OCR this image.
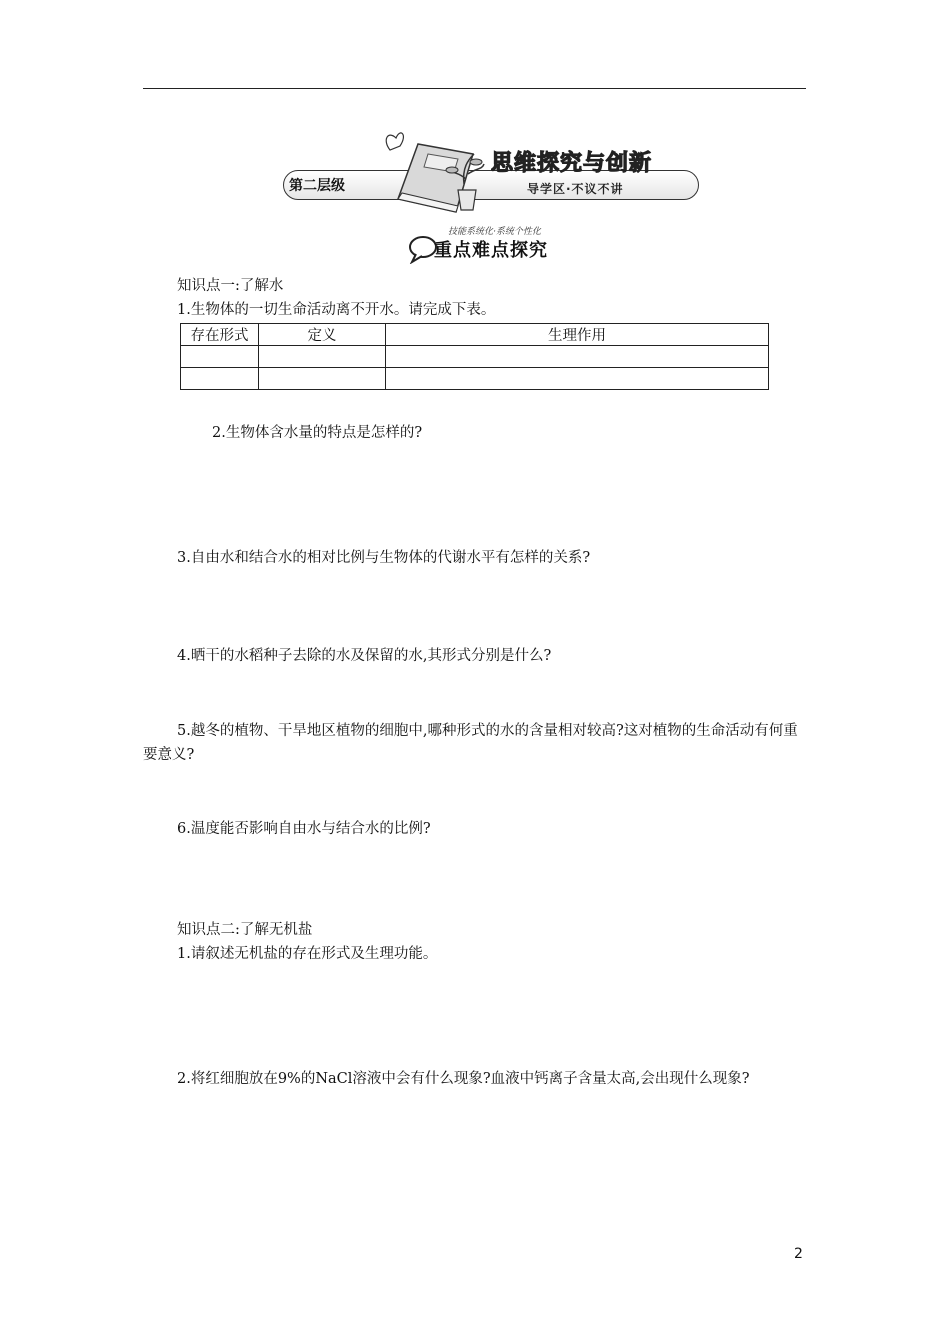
第二层级
思维探究与创新
导学区·不议不讲
技能系统化·系统个性化
重点难点探究
知识点一:了解水
1.生物体的一切生命活动离不开水。请完成下表。
存在形式	定义	生理作用

2.生物体含水量的特点是怎样的?
3.自由水和结合水的相对比例与生物体的代谢水平有怎样的关系?
4.晒干的水稻种子去除的水及保留的水,其形式分别是什么?
5.越冬的植物、干旱地区植物的细胞中,哪种形式的水的含量相对较高?这对植物的生命活动有何重要意义?
6.温度能否影响自由水与结合水的比例?
知识点二:了解无机盐
1.请叙述无机盐的存在形式及生理功能。
2.将红细胞放在9%的NaCl溶液中会有什么现象?血液中钙离子含量太高,会出现什么现象?
2
